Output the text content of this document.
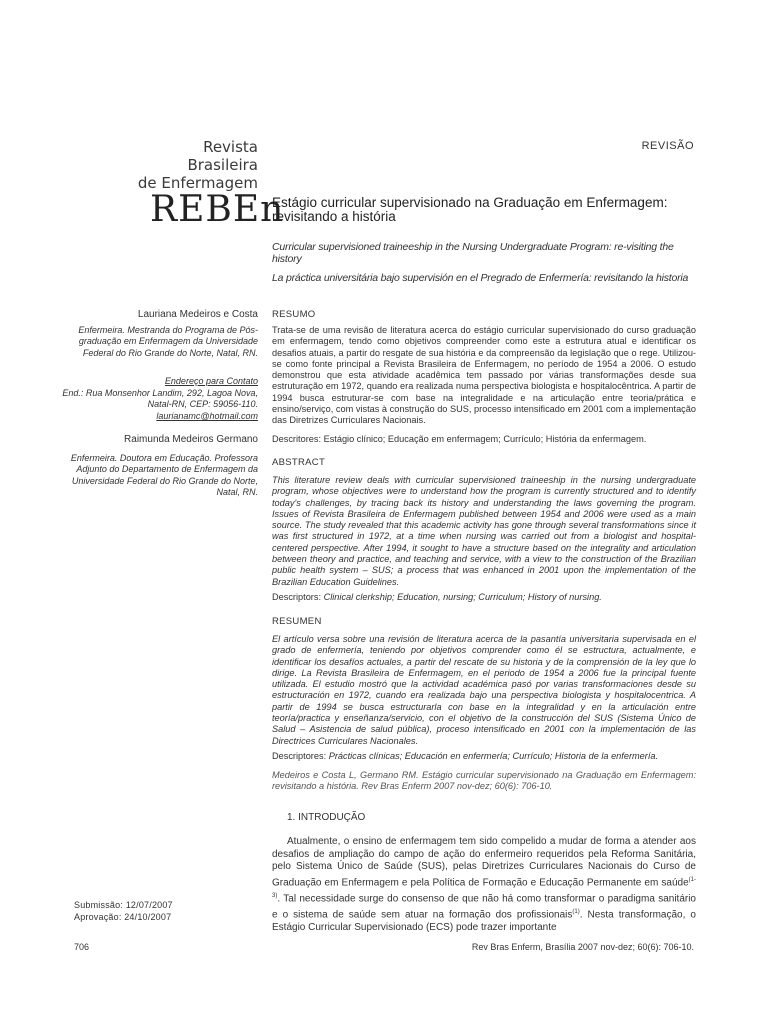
Revista
Brasileira
de Enfermagem
REBEn
REVISÃO
Estágio curricular supervisionado na Graduação em Enfermagem: revisitando a história
Curricular supervisioned traineeship in the Nursing Undergraduate Program: re-visiting the history
La práctica universitária bajo supervisión en el Pregrado de Enfermería: revisitando la historia
Lauriana Medeiros e Costa
Enfermeira. Mestranda do Programa de Pós-graduação em Enfermagem da Universidade Federal do Rio Grande do Norte, Natal, RN.
Endereço para Contato
End.: Rua Monsenhor Landim, 292, Lagoa Nova, Natal-RN, CEP: 59056-110.
laurianamc@hotmail.com
Raimunda Medeiros Germano
Enfermeira. Doutora em Educação. Professora Adjunto do Departamento de Enfermagem da Universidade Federal do Rio Grande do Norte, Natal, RN.
RESUMO
Trata-se de uma revisão de literatura acerca do estágio curricular supervisionado do curso graduação em enfermagem, tendo como objetivos compreender como este a estrutura atual e identificar os desafios atuais, a partir do resgate de sua história e da compreensão da legislação que o rege. Utilizou-se como fonte principal a Revista Brasileira de Enfermagem, no período de 1954 a 2006. O estudo demonstrou que esta atividade acadêmica tem passado por várias transformações desde sua estruturação em 1972, quando era realizada numa perspectiva biologista e hospitalocêntrica. A partir de 1994 busca estruturar-se com base na integralidade e na articulação entre teoria/prática e ensino/serviço, com vistas à construção do SUS, processo intensificado em 2001 com a implementação das Diretrizes Curriculares Nacionais.
Descritores: Estágio clínico; Educação em enfermagem; Currículo; História da enfermagem.
ABSTRACT
This literature review deals with curricular supervisioned traineeship in the nursing undergraduate program, whose objectives were to understand how the program is currently structured and to identify today's challenges, by tracing back its history and understanding the laws governing the program. Issues of Revista Brasileira de Enfermagem published between 1954 and 2006 were used as a main source. The study revealed that this academic activity has gone through several transformations since it was first structured in 1972, at a time when nursing was carried out from a biologist and hospital-centered perspective. After 1994, it sought to have a structure based on the integrality and articulation between theory and practice, and teaching and service, with a view to the construction of the Brazilian public health system – SUS; a process that was enhanced in 2001 upon the implementation of the Brazilian Education Guidelines.
Descriptors: Clinical clerkship; Education, nursing; Curriculum; History of nursing.
RESUMEN
El artículo versa sobre una revisión de literatura acerca de la pasantía universitaria supervisada en el grado de enfermería, teniendo por objetivos comprender como él se estructura, actualmente, e identificar los desafíos actuales, a partir del rescate de su historia y de la comprensión de la ley que lo dirige. La Revista Brasileira de Enfermagem, en el periodo de 1954 a 2006 fue la principal fuente utilizada. El estudio mostró que la actividad académica pasó por varias transformaciones desde su estructuración en 1972, cuando era realizada bajo una perspectiva biologista y hospitalocentrica. A partir de 1994 se busca estructurarla con base en la integralidad y en la articulación entre teoría/practica y enseñanza/servicio, con el objetivo de la construcción del SUS (Sistema Único de Salud – Asistencia de salud pública), proceso intensificado en 2001 con la implementación de las Directrices Curriculares Nacionales.
Descriptores: Prácticas clínicas; Educación en enfermería; Currículo; Historia de la enfermería.
Medeiros e Costa L, Germano RM. Estágio curricular supervisionado na Graduação em Enfermagem: revisitando a história. Rev Bras Enferm 2007 nov-dez; 60(6): 706-10.
1. INTRODUÇÃO
Atualmente, o ensino de enfermagem tem sido compelido a mudar de forma a atender aos desafios de ampliação do campo de ação do enfermeiro requeridos pela Reforma Sanitária, pelo Sistema Único de Saúde (SUS), pelas Diretrizes Curriculares Nacionais do Curso de Graduação em Enfermagem e pela Política de Formação e Educação Permanente em saúde$^{(1-3)}$. Tal necessidade surge do consenso de que não há como transformar o paradigma sanitário e o sistema de saúde sem atuar na formação dos profissionais$^{(1)}$. Nesta transformação, o Estágio Curricular Supervisionado (ECS) pode trazer importante
Submissão: 12/07/2007
Aprovação: 24/10/2007
706	Rev Bras Enferm, Brasília 2007 nov-dez; 60(6): 706-10.
